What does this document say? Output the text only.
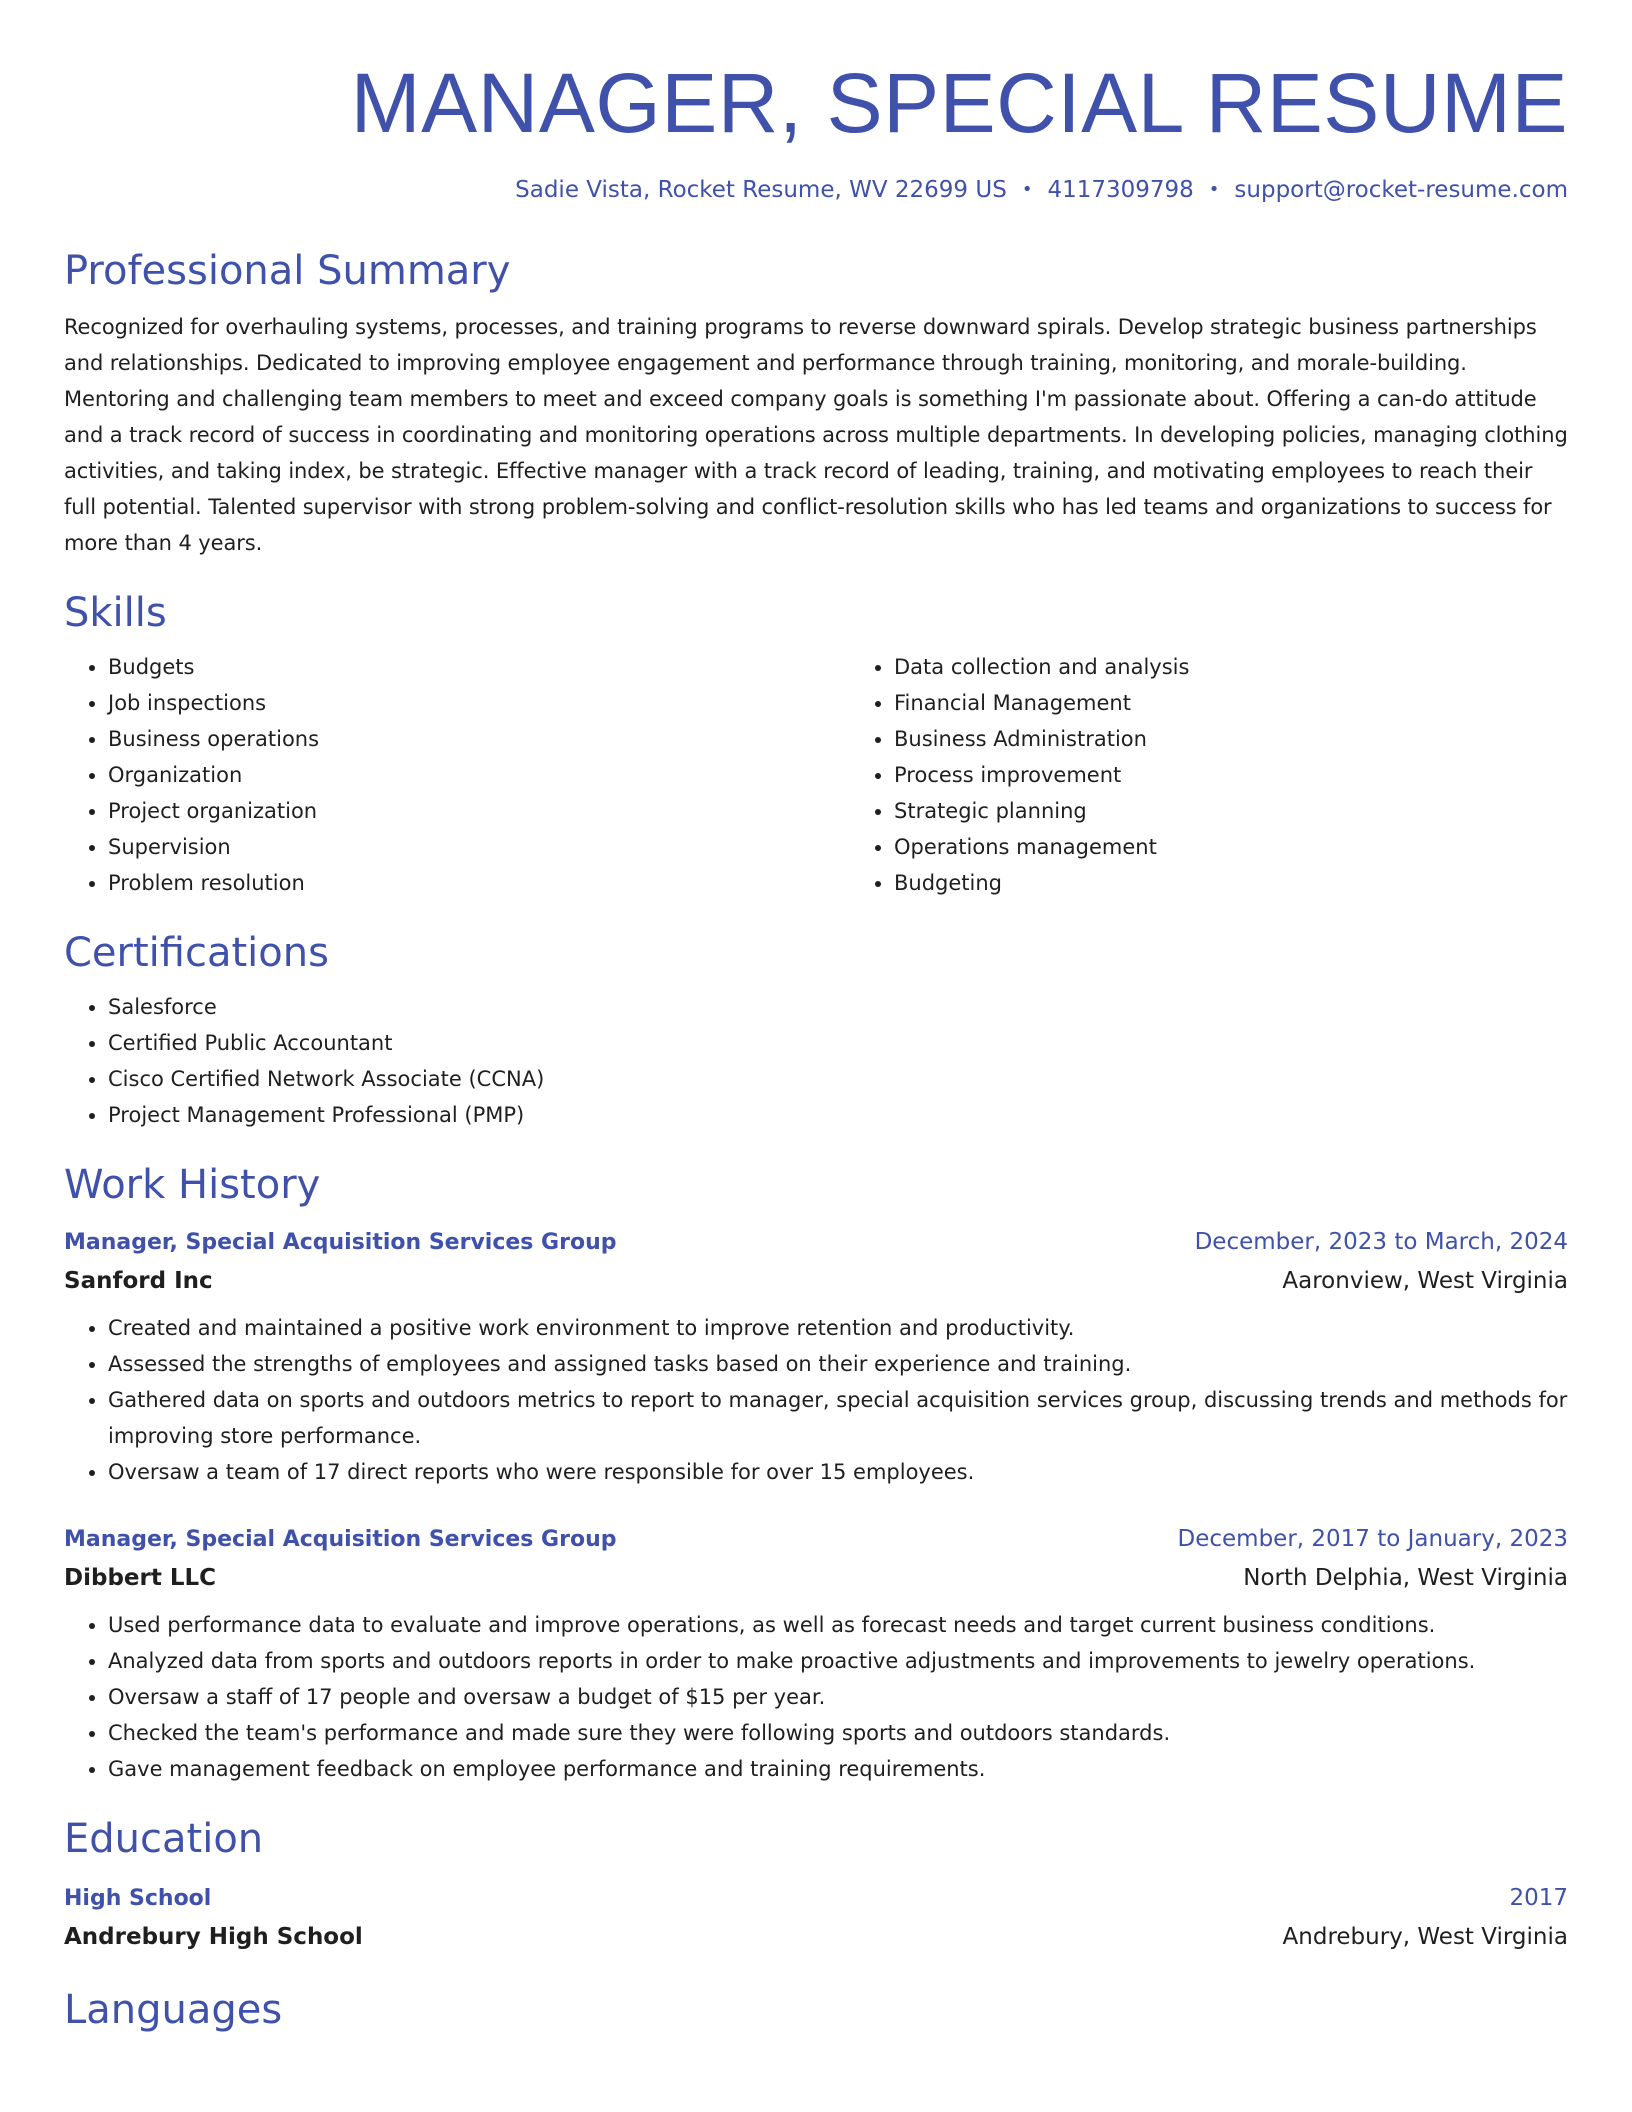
MANAGER, SPECIAL RESUME
Sadie Vista, Rocket Resume, WV 22699 US • 4117309798 • support@rocket-resume.com
Professional Summary
Recognized for overhauling systems, processes, and training programs to reverse downward spirals. Develop strategic business partnerships and relationships. Dedicated to improving employee engagement and performance through training, monitoring, and morale-building. Mentoring and challenging team members to meet and exceed company goals is something I'm passionate about. Offering a can-do attitude and a track record of success in coordinating and monitoring operations across multiple departments. In developing policies, managing clothing activities, and taking index, be strategic. Effective manager with a track record of leading, training, and motivating employees to reach their full potential. Talented supervisor with strong problem-solving and conflict-resolution skills who has led teams and organizations to success for more than 4 years.
Skills
• Budgets
• Job inspections
• Business operations
• Organization
• Project organization
• Supervision
• Problem resolution
• Data collection and analysis
• Financial Management
• Business Administration
• Process improvement
• Strategic planning
• Operations management
• Budgeting
Certifications
• Salesforce
• Certified Public Accountant
• Cisco Certified Network Associate (CCNA)
• Project Management Professional (PMP)
Work History
Manager, Special Acquisition Services Group	December, 2023 to March, 2024
Sanford Inc	Aaronview, West Virginia
• Created and maintained a positive work environment to improve retention and productivity.
• Assessed the strengths of employees and assigned tasks based on their experience and training.
• Gathered data on sports and outdoors metrics to report to manager, special acquisition services group, discussing trends and methods for improving store performance.
• Oversaw a team of 17 direct reports who were responsible for over 15 employees.
Manager, Special Acquisition Services Group	December, 2017 to January, 2023
Dibbert LLC	North Delphia, West Virginia
• Used performance data to evaluate and improve operations, as well as forecast needs and target current business conditions.
• Analyzed data from sports and outdoors reports in order to make proactive adjustments and improvements to jewelry operations.
• Oversaw a staff of 17 people and oversaw a budget of $15 per year.
• Checked the team's performance and made sure they were following sports and outdoors standards.
• Gave management feedback on employee performance and training requirements.
Education
High School	2017
Andrebury High School	Andrebury, West Virginia
Languages
